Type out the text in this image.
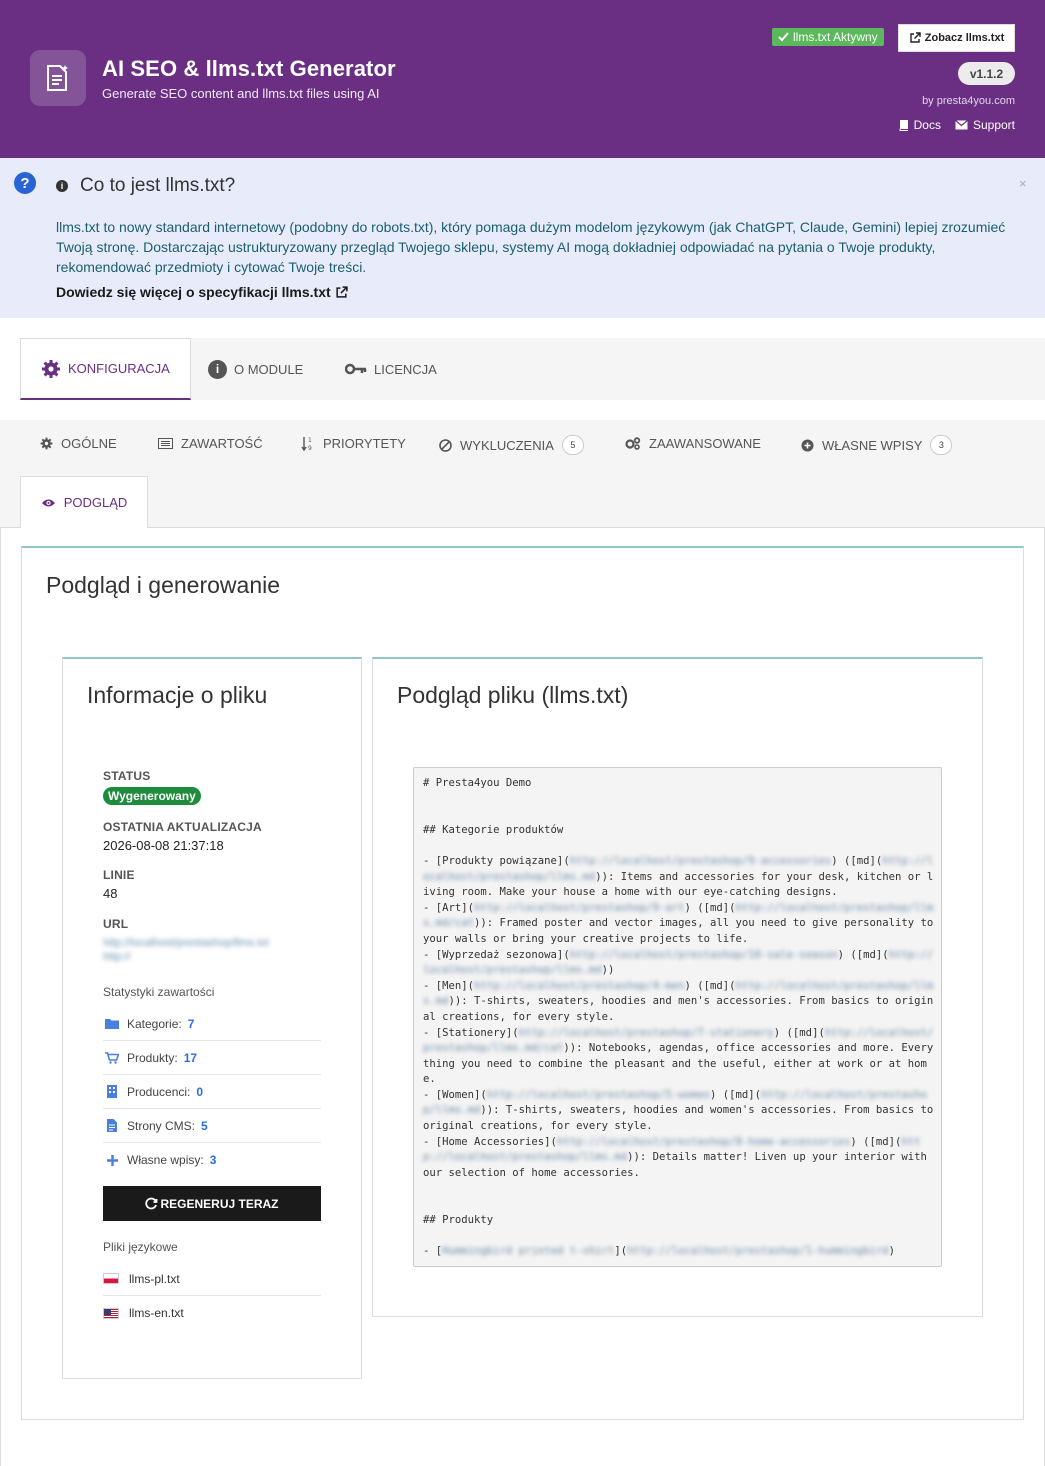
AI SEO & llms.txt Generator
Generate SEO content and llms.txt files using AI
llms.txt Aktywny	Zobacz llms.txt
v1.1.2
by presta4you.com
Docs	Support
?	i Co to jest llms.txt?	×
llms.txt to nowy standard internetowy (podobny do robots.txt), który pomaga dużym modelom językowym (jak ChatGPT, Claude, Gemini) lepiej zrozumieć Twoją stronę. Dostarczając ustrukturyzowany przegląd Twojego sklepu, systemy AI mogą dokładniej odpowiadać na pytania o Twoje produkty, rekomendować przedmioty i cytować Twoje treści.
Dowiedz się więcej o specyfikacji llms.txt
KONFIGURACJA	i	O MODULE	LICENCJA
OGÓLNE	ZAWARTOŚĆ	1
9 PRIORYTETY	WYKLUCZENIA	5	ZAAWANSOWANE	WŁASNE WPISY	3
PODGLĄD
Podgląd i generowanie
Informacje o pliku
STATUS
Wygenerowany
OSTATNIA AKTUALIZACJA
2026-08-08 21:37:18
LINIE
48
URL
http://localhost/prestashop/llms.txt
http://
Statystyki zawartości
Kategorie: 7
Produkty: 17
Producenci: 0
Strony CMS: 5
Własne wpisy: 3
REGENERUJ TERAZ
Pliki językowe
llms-pl.txt
llms-en.txt
Podgląd pliku (llms.txt)
# Presta4you Demo

## Kategorie produktów

- [Produkty powiązane](http://localhost/prestashop/9-accessories) ([md](http://localhost/prestashop/llms.md)): Items and accessories for your desk, kitchen or living room. Make your house a home with our eye-catching designs.
- [Art](http://localhost/prestashop/9-art) ([md](http://localhost/prestashop/llms.md/cat)): Framed poster and vector images, all you need to give personality to your walls or bring your creative projects to life.
- [Wyprzedaż sezonowa](http://localhost/prestashop/10-sale-season) ([md](http://localhost/prestashop/llms.md))
- [Men](http://localhost/prestashop/4-men) ([md](http://localhost/prestashop/llms.md)): T-shirts, sweaters, hoodies and men's accessories. From basics to original creations, for every style.
- [Stationery](http://localhost/prestashop/7-stationery) ([md](http://localhost/prestashop/llms.md/cat)): Notebooks, agendas, office accessories and more. Everything you need to combine the pleasant and the useful, either at work or at home.
- [Women](http://localhost/prestashop/5-women) ([md](http://localhost/prestashop/llms.md)): T-shirts, sweaters, hoodies and women's accessories. From basics to original creations, for every style.
- [Home Accessories](http://localhost/prestashop/8-home-accessories) ([md](http://localhost/prestashop/llms.md)): Details matter! Liven up your interior with our selection of home accessories.

## Produkty

- [Hummingbird printed t-shirt](http://localhost/prestashop/1-hummingbird)
